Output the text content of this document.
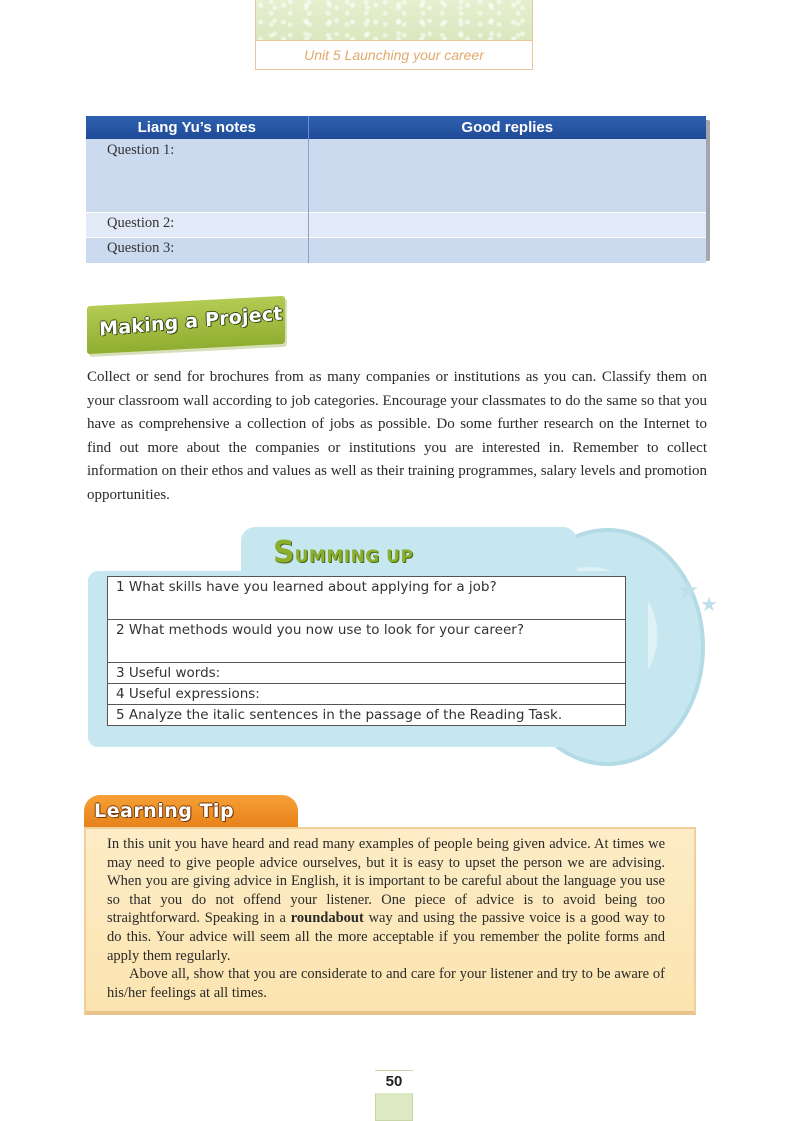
Unit 5 Launching your career
Liang Yu’s notes	Good replies
Question 1:	
Question 2:	
Question 3:	
Making a Project
Collect or send for brochures from as many companies or institutions as you can. Classify them on your classroom wall according to job categories. Encourage your classmates to do the same so that you have as comprehensive a collection of jobs as possible. Do some further research on the Internet to find out more about the companies or institutions you are interested in. Remember to collect information on their ethos and values as well as their training programmes, salary levels and promotion opportunities.
SUMMING UP
★ ★
1 What skills have you learned about applying for a job?
2 What methods would you now use to look for your career?
3 Useful words:
4 Useful expressions:
5 Analyze the italic sentences in the passage of the Reading Task.
Learning Tip

In this unit you have heard and read many examples of people being given advice. At times we may need to give people advice ourselves, but it is easy to upset the person we are advising. When you are giving advice in English, it is important to be careful about the language you use so that you do not offend your listener. One piece of advice is to avoid being too straightforward. Speaking in a roundabout way and using the passive voice is a good way to do this. Your advice will seem all the more acceptable if you remember the polite forms and apply them regularly.

Above all, show that you are considerate to and care for your listener and try to be aware of his/her feelings at all times.

50
